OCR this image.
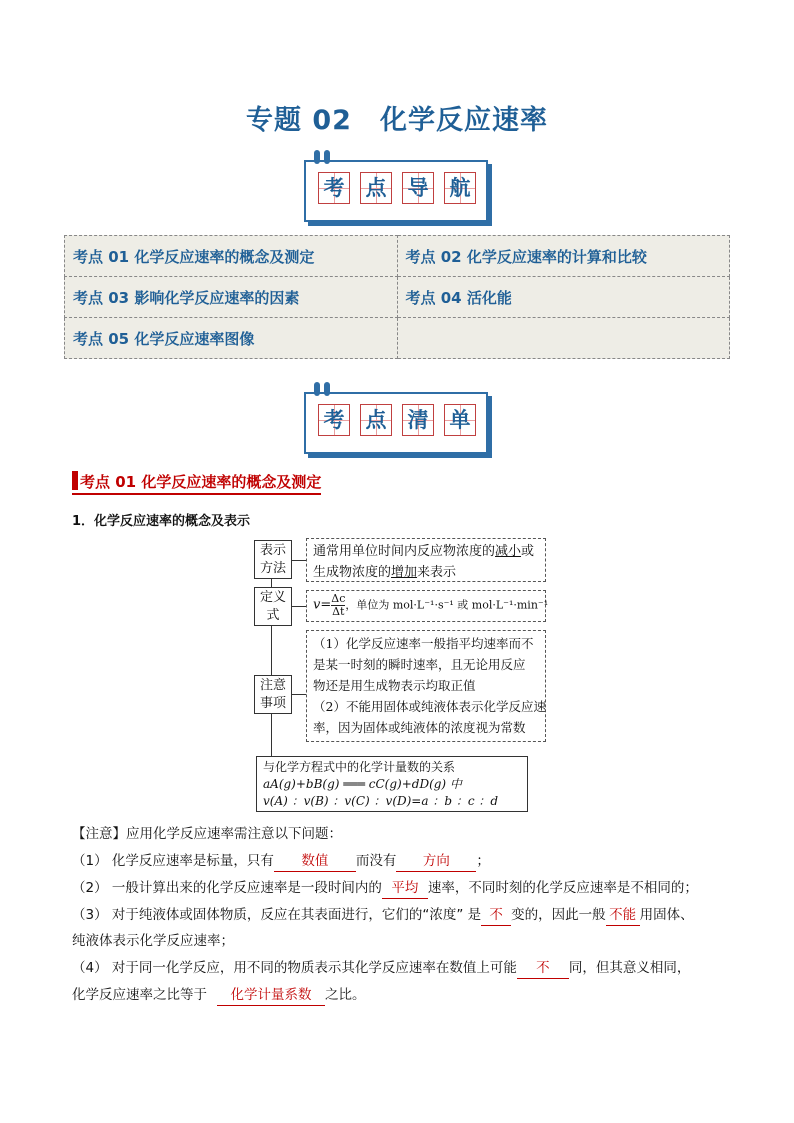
专题 02 化学反应速率
考 点 导 航
考点 01 化学反应速率的概念及测定	考点 02 化学反应速率的计算和比较
考点 03 影响化学反应速率的因素	考点 04 活化能
考点 05 化学反应速率图像	
考 点 清 单
考点 01 化学反应速率的概念及测定
1．化学反应速率的概念及表示
表示
方法
通常用单位时间内反应物浓度的减小或
生成物浓度的增加来表示
定义
式
$v= \frac{\Delta c}{\Delta t}$ ，单位为 mol·L⁻¹·s⁻¹ 或 mol·L⁻¹·min⁻¹
注意
事项
（1）化学反应速率一般指平均速率而不
是某一时刻的瞬时速率，且无论用反应
物还是用生成物表示均取正值
（2）不能用固体或纯液体表示化学反应速
率，因为固体或纯液体的浓度视为常数
与化学方程式中的化学计量数的关系
aA(g)+bB(g) ═══ cC(g)+dD(g) 中
v(A) ：v(B) ：v(C) ：v(D)=a ：b ：c ：d
【注意】应用化学反应速率需注意以下问题：
（1） 化学反应速率是标量，只有 数值 而没有 方向 ；
（2） 一般计算出来的化学反应速率是一段时间内的 平均 速率，不同时刻的化学反应速率是不相同的；
（3） 对于纯液体或固体物质，反应在其表面进行，它们的“浓度” 是 不 变的，因此一般 不能 用固体、
纯液体表示化学反应速率；
（4） 对于同一化学反应，用不同的物质表示其化学反应速率在数值上可能 不 同，但其意义相同，
化学反应速率之比等于 化学计量系数 之比。
